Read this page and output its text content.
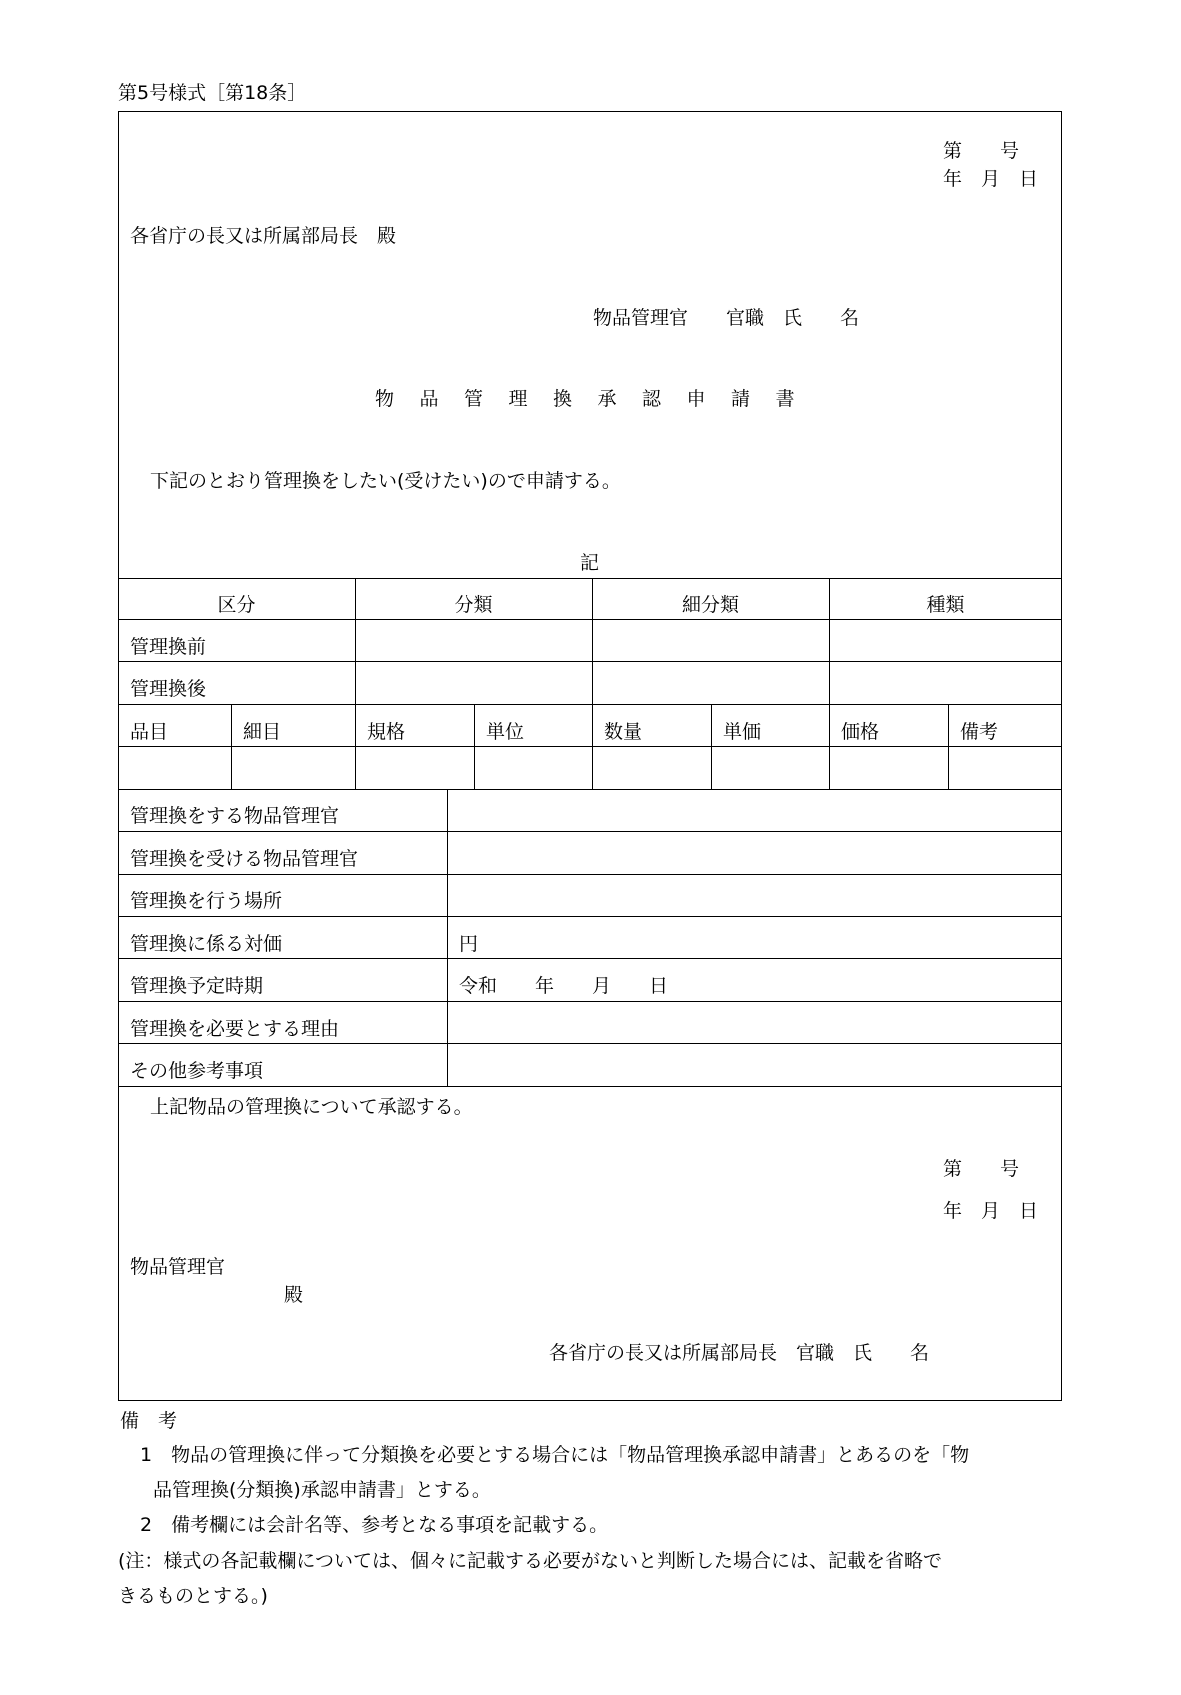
第5号様式［第18条］
第　　号
年　月　日
各省庁の長又は所属部局長　殿
物品管理官　　官職　氏　　名
物品管理換承認申請書
下記のとおり管理換をしたい(受けたい)ので申請する。
記
区分	分類	細分類	種類
管理換前
管理換後
品目	細目	規格	単位	数量	単価	価格	備考
管理換をする物品管理官
管理換を受ける物品管理官
管理換を行う場所
管理換に係る対価	円
管理換予定時期	令和　　年　　月　　日
管理換を必要とする理由
その他参考事項
上記物品の管理換について承認する。
第　　号
年　月　日
物品管理官
殿
各省庁の長又は所属部局長　官職　氏　　名
備　考
1　物品の管理換に伴って分類換を必要とする場合には「物品管理換承認申請書」とあるのを「物
品管理換(分類換)承認申請書」とする。
2　備考欄には会計名等、参考となる事項を記載する。
(注：様式の各記載欄については、個々に記載する必要がないと判断した場合には、記載を省略で
きるものとする。)
